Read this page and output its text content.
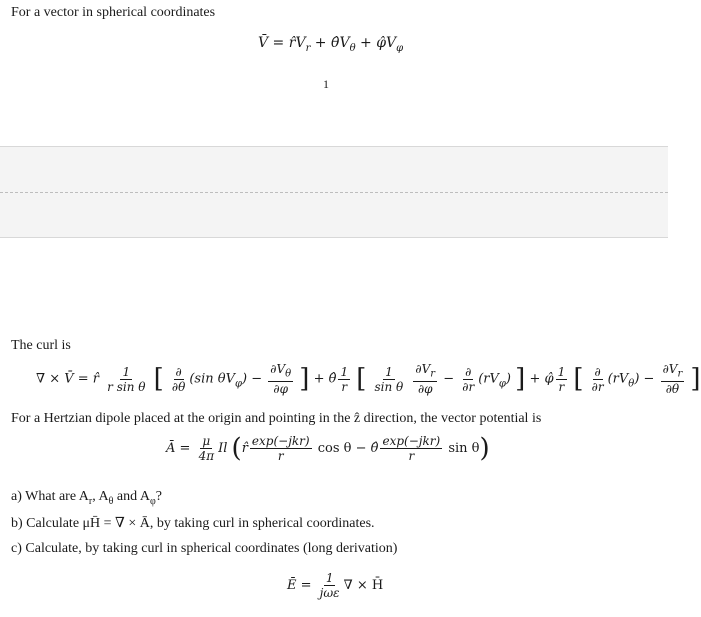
For a vector in spherical coordinates
V̄ = $r̂V_r$ + $\thetâV_\theta$ + $\varphîV_\varphi$
1
The curl is
∇ × V̄ = r̂ $\frac{1}{\text{r sin θ}}$ [ $\frac{\partial}{\partial\theta} (\sin$ $\theta V_\varphi) - \frac{\partial V_\theta}{\partial\varphi}$ ] + θ̂ $\frac{1}{r}$ [ $\frac{1}{\text{sin θ}}$
$\frac{\partial V_r}{\partial\varphi} - \frac{\partial}{\partial r} (rV_\varphi)$ ] + φ̂ $\frac{1}{r}$ [ $\frac{\partial}{\partial r} (rV_\theta) - \frac{\partial V_r}{\partial\theta}$ ]
For a Hertzian dipole placed at the origin and pointing in the ẑ direction, the vector potential is
Ā = $\frac{\mu}{4\pi}$ Il (r̂ $\frac{\text{exp(−jkr)}}{r}$ cos θ − θ̂ $\frac{\text{exp(−jkr)}}{r}$ sin θ)
a) What are $A_r$, $A_\theta$ and $A_\varphi$?
b) Calculate μH̄ = ∇ × Ā, by taking curl in spherical coordinates.
c) Calculate, by taking curl in spherical coordinates (long derivation)
Ē = $\frac{1}{\text{jωε}}$ ∇ × H̄
